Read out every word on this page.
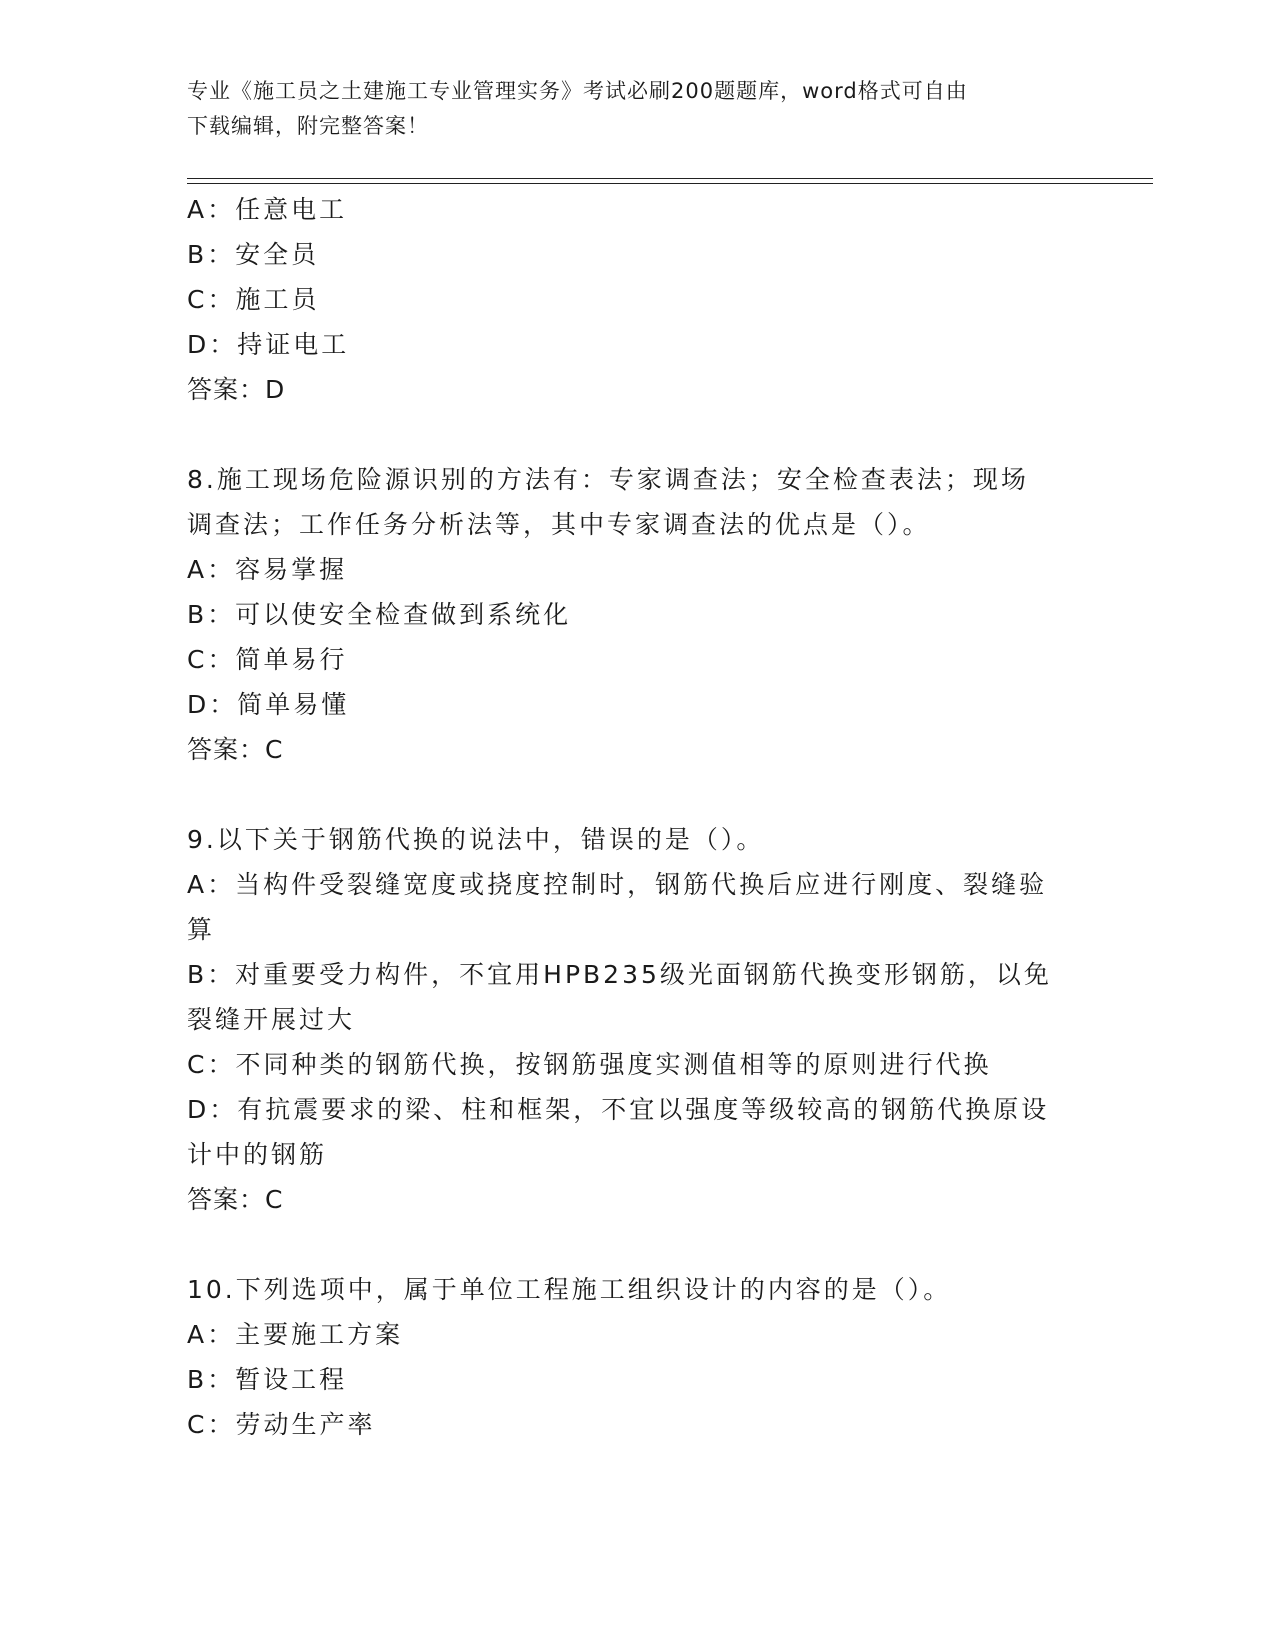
专业《施工员之土建施工专业管理实务》考试必刷200题题库，word格式可自由
下载编辑，附完整答案！
A：任意电工
B：安全员
C：施工员
D：持证电工
答案：D
8.施工现场危险源识别的方法有：专家调查法；安全检查表法；现场
调查法；工作任务分析法等，其中专家调查法的优点是（）。
A：容易掌握
B：可以使安全检查做到系统化
C：简单易行
D：简单易懂
答案：C
9.以下关于钢筋代换的说法中，错误的是（）。
A：当构件受裂缝宽度或挠度控制时，钢筋代换后应进行刚度、裂缝验
算
B：对重要受力构件，不宜用HPB235级光面钢筋代换变形钢筋，以免
裂缝开展过大
C：不同种类的钢筋代换，按钢筋强度实测值相等的原则进行代换
D：有抗震要求的梁、柱和框架，不宜以强度等级较高的钢筋代换原设
计中的钢筋
答案：C
10.下列选项中，属于单位工程施工组织设计的内容的是（）。
A：主要施工方案
B：暂设工程
C：劳动生产率
